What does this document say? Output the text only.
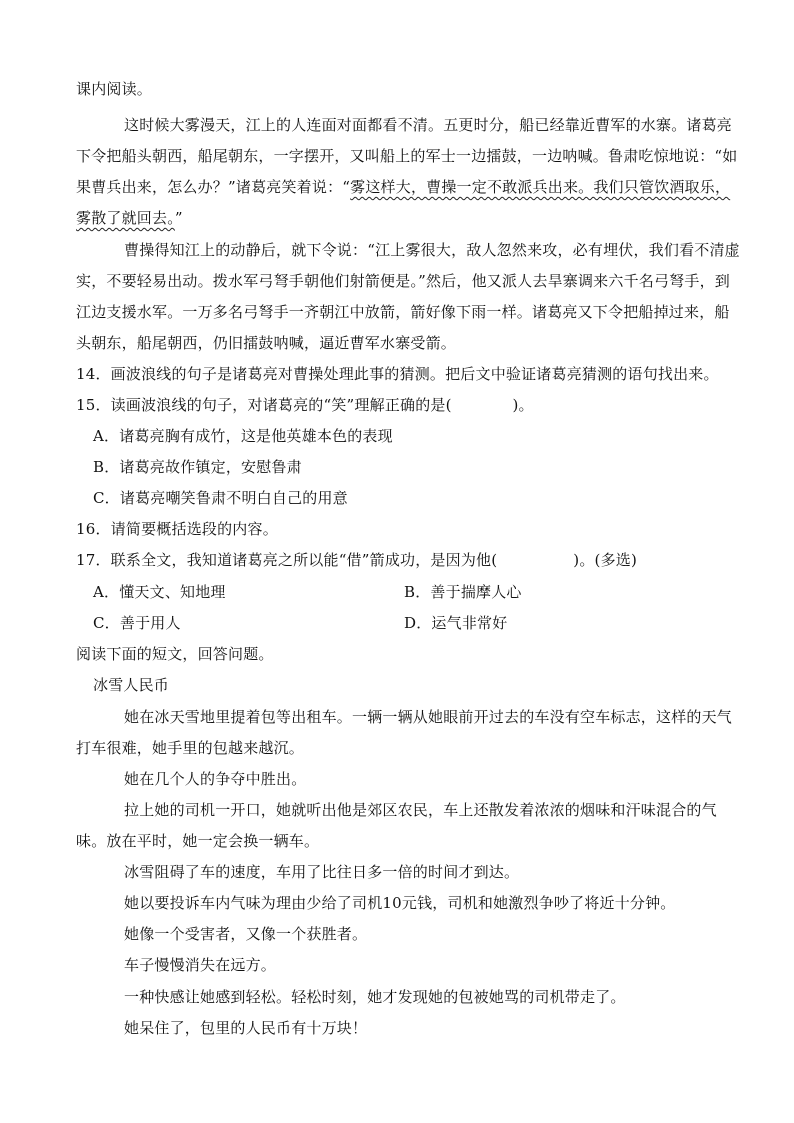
课内阅读。
这时候大雾漫天，江上的人连面对面都看不清。五更时分，船已经靠近曹军的水寨。诸葛亮
下令把船头朝西，船尾朝东，一字摆开，又叫船上的军士一边擂鼓，一边呐喊。鲁肃吃惊地说：“如
果曹兵出来，怎么办？”诸葛亮笑着说：“雾这样大，曹操一定不敢派兵出来。我们只管饮酒取乐，
雾散了就回去。”
曹操得知江上的动静后，就下令说：“江上雾很大，敌人忽然来攻，必有埋伏，我们看不清虚
实，不要轻易出动。拨水军弓弩手朝他们射箭便是。”然后，他又派人去旱寨调来六千名弓弩手，到
江边支援水军。一万多名弓弩手一齐朝江中放箭，箭好像下雨一样。诸葛亮又下令把船掉过来，船
头朝东，船尾朝西，仍旧擂鼓呐喊，逼近曹军水寨受箭。
14．画波浪线的句子是诸葛亮对曹操处理此事的猜测。把后文中验证诸葛亮猜测的语句找出来。
15．读画波浪线的句子，对诸葛亮的“笑”理解正确的是(　　　　)。
A．诸葛亮胸有成竹，这是他英雄本色的表现
B．诸葛亮故作镇定，安慰鲁肃
C．诸葛亮嘲笑鲁肃不明白自己的用意
16．请简要概括选段的内容。
17．联系全文，我知道诸葛亮之所以能“借”箭成功，是因为他(　　　　　)。(多选)
A．懂天文、知地理	B．善于揣摩人心
C．善于用人	D．运气非常好
阅读下面的短文，回答问题。
冰雪人民币
她在冰天雪地里提着包等出租车。一辆一辆从她眼前开过去的车没有空车标志，这样的天气
打车很难，她手里的包越来越沉。
她在几个人的争夺中胜出。
拉上她的司机一开口，她就听出他是郊区农民，车上还散发着浓浓的烟味和汗味混合的气
味。放在平时，她一定会换一辆车。
冰雪阻碍了车的速度，车用了比往日多一倍的时间才到达。
她以要投诉车内气味为理由少给了司机10元钱，司机和她激烈争吵了将近十分钟。
她像一个受害者，又像一个获胜者。
车子慢慢消失在远方。
一种快感让她感到轻松。轻松时刻，她才发现她的包被她骂的司机带走了。
她呆住了，包里的人民币有十万块！
